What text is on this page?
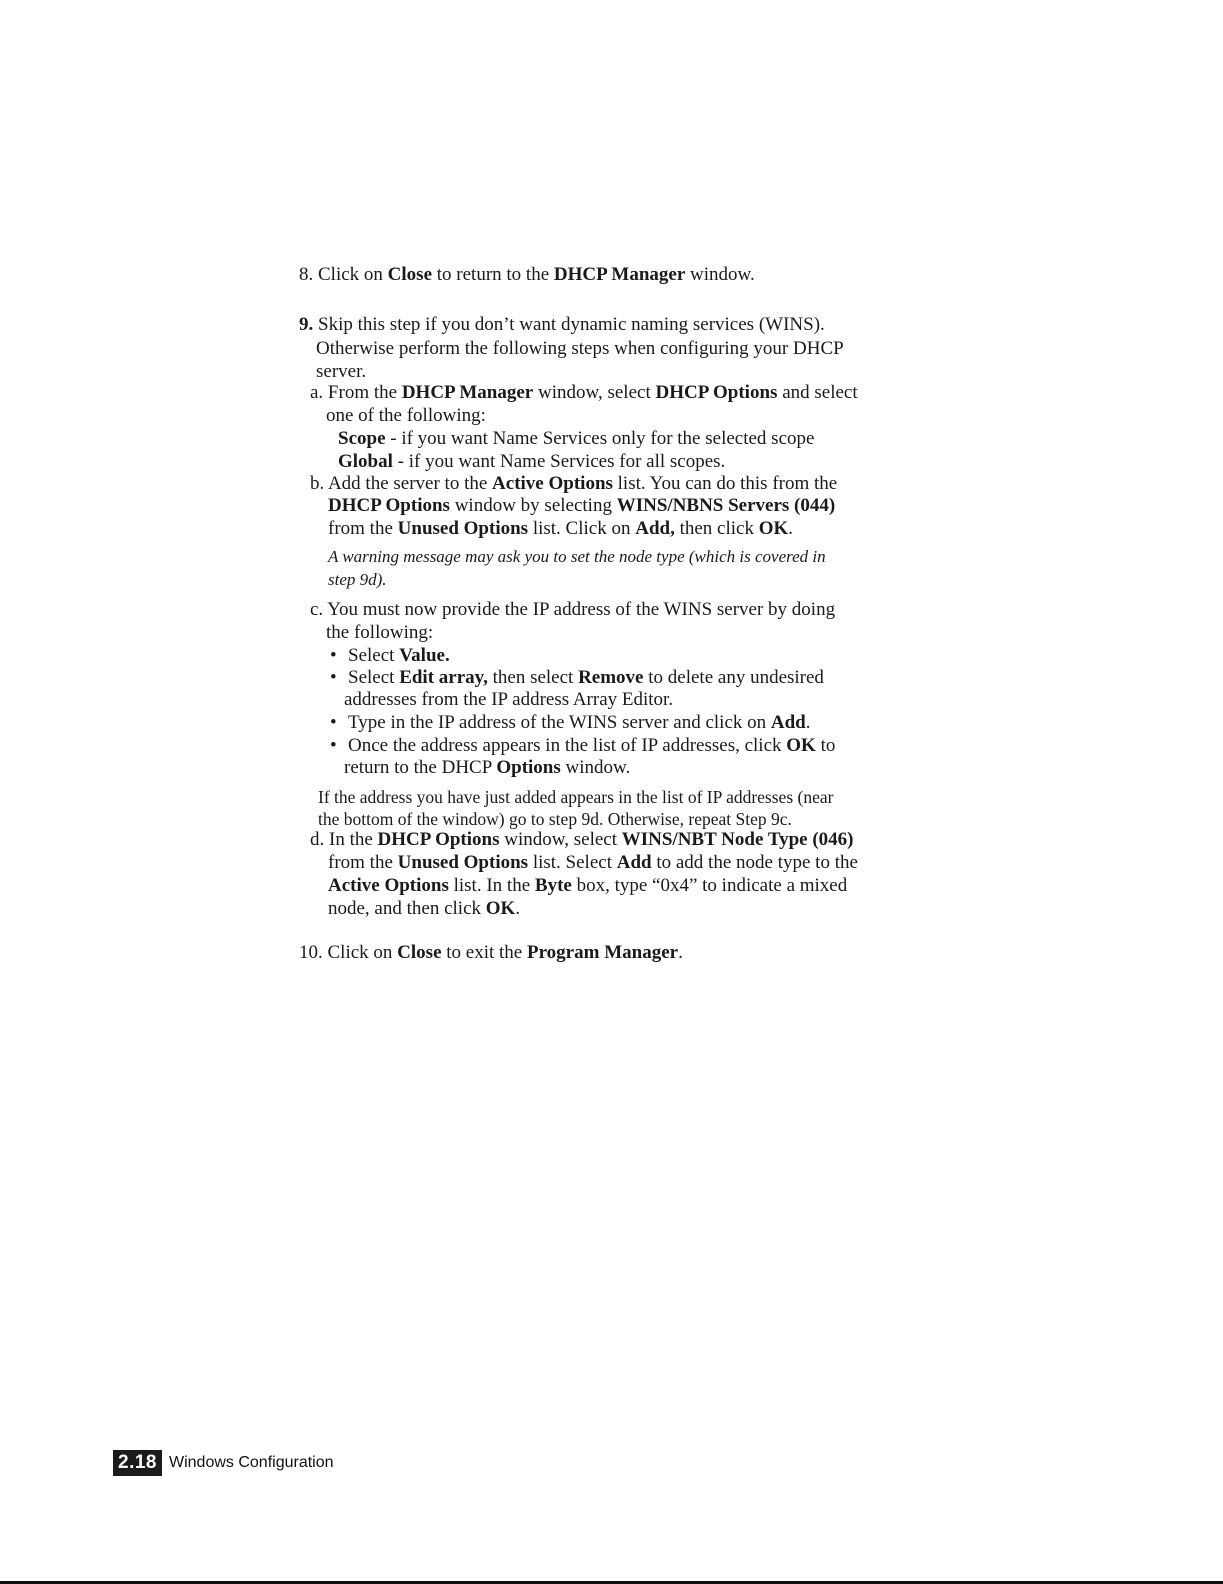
8. Click on Close to return to the DHCP Manager window.
9. Skip this step if you don’t want dynamic naming services (WINS).
Otherwise perform the following steps when configuring your DHCP
server.
a. From the DHCP Manager window, select DHCP Options and select
one of the following:
Scope - if you want Name Services only for the selected scope
Global - if you want Name Services for all scopes.
b. Add the server to the Active Options list. You can do this from the
DHCP Options window by selecting WINS/NBNS Servers (044)
from the Unused Options list. Click on Add, then click OK.
A warning message may ask you to set the node type (which is covered in
step 9d).
c. You must now provide the IP address of the WINS server by doing
the following:
• Select Value.
• Select Edit array, then select Remove to delete any undesired
addresses from the IP address Array Editor.
• Type in the IP address of the WINS server and click on Add.
• Once the address appears in the list of IP addresses, click OK to
return to the DHCP Options window.
If the address you have just added appears in the list of IP addresses (near
the bottom of the window) go to step 9d. Otherwise, repeat Step 9c.
d. In the DHCP Options window, select WINS/NBT Node Type (046)
from the Unused Options list. Select Add to add the node type to the
Active Options list. In the Byte box, type “0x4” to indicate a mixed
node, and then click OK.
10. Click on Close to exit the Program Manager.
2.18 Windows Configuration
